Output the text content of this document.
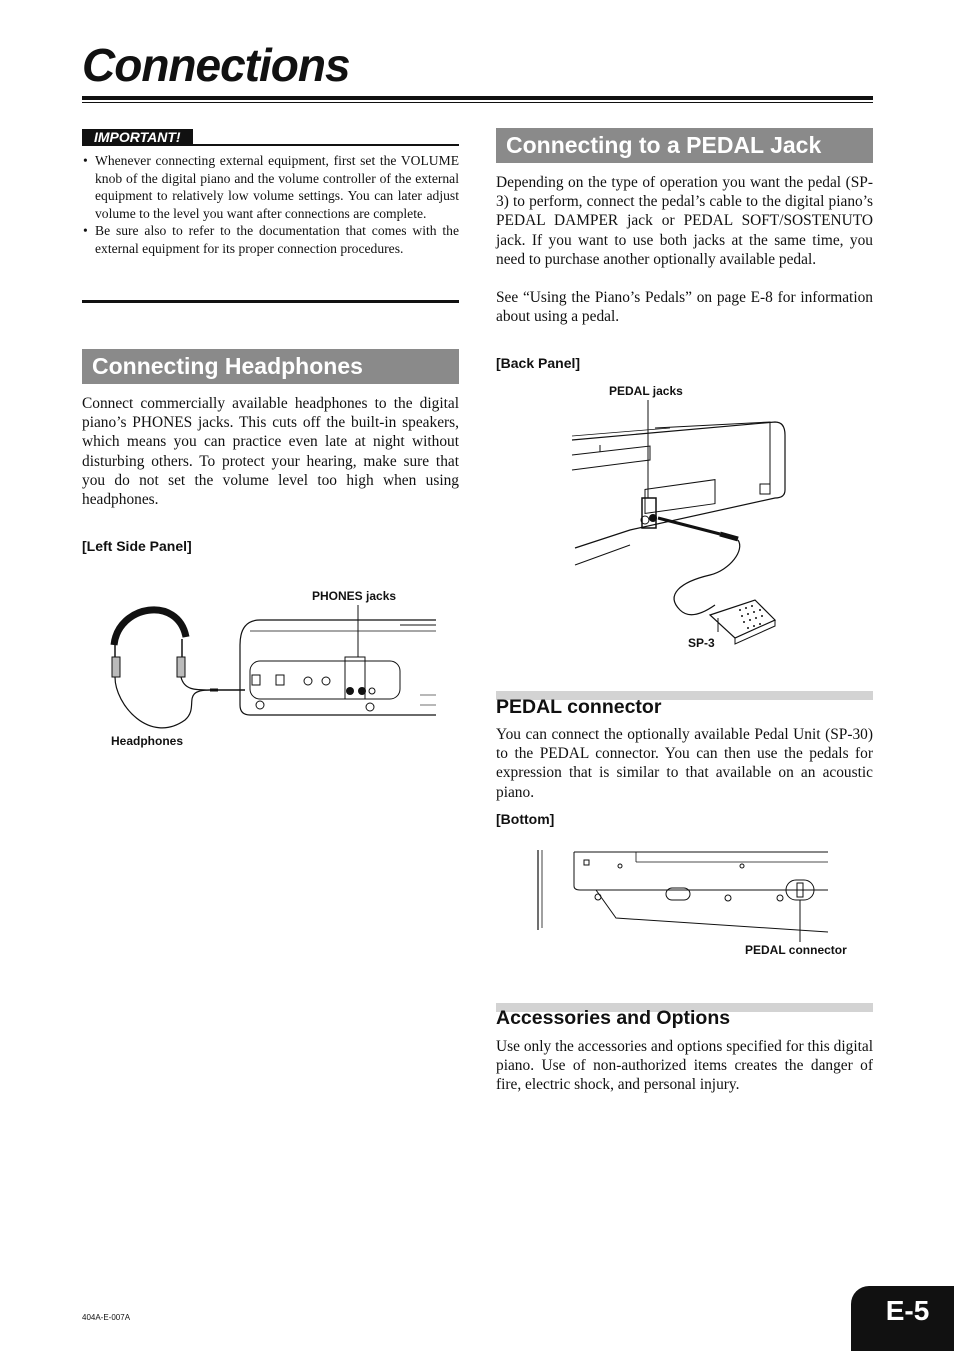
Connections
IMPORTANT!
• Whenever connecting external equipment, first set the VOLUME knob of the digital piano and the volume controller of the external equipment to relatively low volume settings. You can later adjust volume to the level you want after connections are complete.
• Be sure also to refer to the documentation that comes with the external equipment for its proper connection procedures.
Connecting Headphones

Connect commercially available headphones to the digital piano’s PHONES jacks. This cuts off the built-in speakers, which means you can practice even late at night without disturbing others. To protect your hearing, make sure that you do not set the volume level too high when using headphones.

[Left Side Panel]

PHONES jacks

Headphones

Connecting to a PEDAL Jack

Depending on the type of operation you want the pedal (SP-3) to perform, connect the pedal’s cable to the digital piano’s PEDAL DAMPER jack or PEDAL SOFT/SOSTENUTO jack. If you want to use both jacks at the same time, you need to purchase another optionally available pedal.

See “Using the Piano’s Pedals” on page E-8 for information about using a pedal.

[Back Panel]

PEDAL jacks

SP-3

PEDAL connector

You can connect the optionally available Pedal Unit (SP-30) to the PEDAL connector. You can then use the pedals for expression that is similar to that available on an acoustic piano.

[Bottom]

PEDAL connector

Accessories and Options

Use only the accessories and options specified for this digital piano. Use of non-authorized items creates the danger of fire, electric shock, and personal injury.

404A-E-007A	E-5
